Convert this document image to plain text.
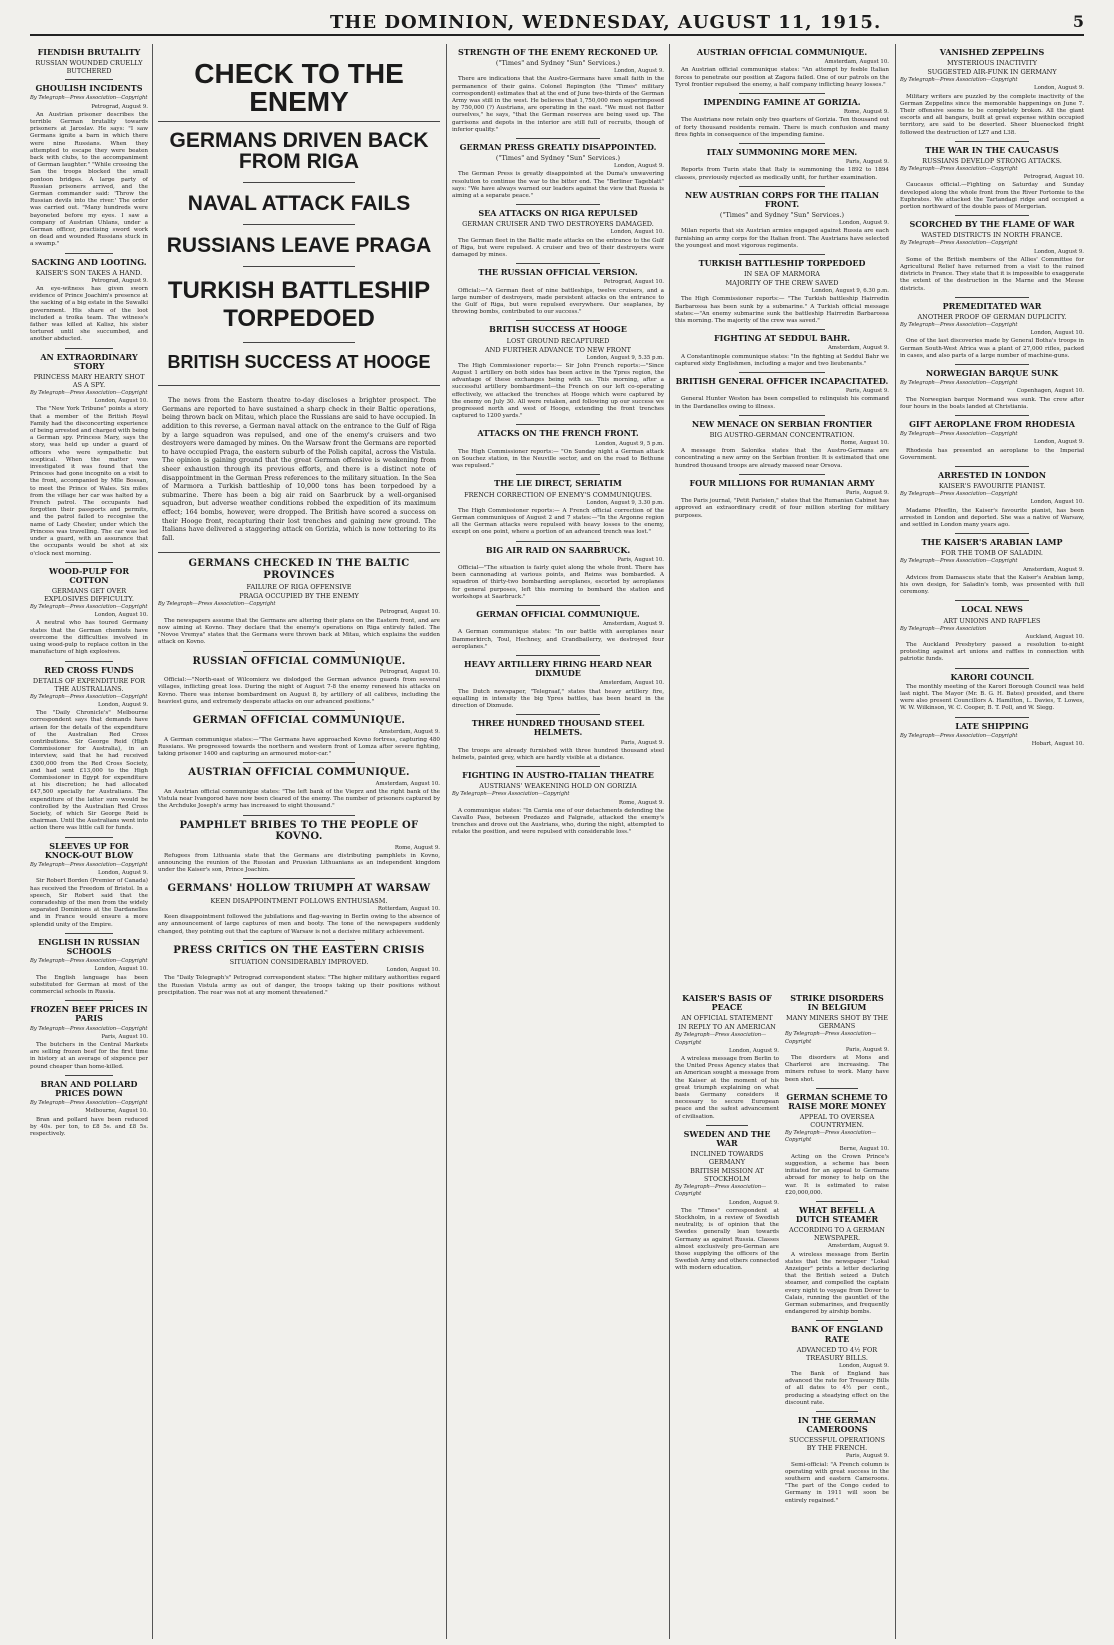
THE DOMINION, WEDNESDAY, AUGUST 11, 1915.	5
FIENDISH BRUTALITY
RUSSIAN WOUNDED CRUELLY BUTCHERED
GHOULISH INCIDENTS
By Telegraph—Press Association—Copyright
Petrograd, August 9.

An Austrian prisoner describes the terrible German brutality towards prisoners at Jaroslav. He says: "I saw Germans ignite a barn in which there were nine Russians. When they attempted to escape they were beaten back with clubs, to the accompaniment of German laughter." "While crossing the San the troops blocked the small pontoon bridges. A large party of Russian prisoners arrived, and the German commander said: 'Throw the Russian devils into the river.' The order was carried out. "Many hundreds were bayoneted before my eyes. I saw a company of Austrian Uhlans, under a German officer, practising sword work on dead and wounded Russians stuck in a swamp."

SACKING AND LOOTING.
KAISER'S SON TAKES A HAND.
Petrograd, August 9.

An eye-witness has given sworn evidence of Prince Joachim's presence at the sacking of a big estate in the Suwalki government. His share of the loot included a troika team. The witness's father was killed at Kalisz, his sister tortured until she succumbed, and another abducted.

AN EXTRAORDINARY STORY
PRINCESS MARY HEARTY SHOT AS A SPY.
By Telegraph—Press Association—Copyright
London, August 10.

The "New York Tribune" points a story that a member of the British Royal Family had the disconcerting experience of being arrested and charged with being a German spy. Princess Mary, says the story, was held up under a guard of officers who were sympathetic but sceptical. When the matter was investigated it was found that the Princess had gone incognito on a visit to the front, accompanied by Mlle Bossan, to meet the Prince of Wales. Six miles from the village her car was halted by a French patrol. The occupants had forgotten their passports and permits, and the patrol failed to recognise the name of Lady Chester, under which the Princess was travelling. The car was led under a guard, with an assurance that the occupants would be shot at six o'clock next morning.

WOOD-PULP FOR COTTON
GERMANS GET OVER EXPLOSIVES DIFFICULTY.
By Telegraph—Press Association—Copyright
London, August 10.

A neutral who has toured Germany states that the German chemists have overcome the difficulties involved in using wood-pulp to replace cotton in the manufacture of high explosives.

RED CROSS FUNDS
DETAILS OF EXPENDITURE FOR THE AUSTRALIANS.
By Telegraph—Press Association—Copyright
London, August 9.

The "Daily Chronicle's" Melbourne correspondent says that demands have arisen for the details of the expenditure of the Australian Red Cross contributions. Sir George Reid (High Commissioner for Australia), in an interview, said that he had received £300,000 from the Red Cross Society, and had sent £13,000 to the High Commissioner in Egypt for expenditure at his discretion; he had allocated £47,500 specially for Australians. The expenditure of the latter sum would be controlled by the Australian Red Cross Society, of which Sir George Reid is chairman. Until the Australians went into action there was little call for funds.

SLEEVES UP FOR KNOCK-OUT BLOW
By Telegraph—Press Association—Copyright
London, August 9.

Sir Robert Borden (Premier of Canada) has received the Freedom of Bristol. In a speech, Sir Robert said that the comradeship of the men from the widely separated Dominions at the Dardanelles and in France would ensure a more splendid unity of the Empire.

ENGLISH IN RUSSIAN SCHOOLS
By Telegraph—Press Association—Copyright
London, August 10.

The English language has been substituted for German at most of the commercial schools in Russia.

FROZEN BEEF PRICES IN PARIS
By Telegraph—Press Association—Copyright
Paris, August 10.

The butchers in the Central Markets are selling frozen beef for the first time in history at an average of sixpence per pound cheaper than home-killed.

BRAN AND POLLARD PRICES DOWN
By Telegraph—Press Association—Copyright
Melbourne, August 10.

Bran and pollard have been reduced by 40s. per ton, to £8 5s. and £8 5s. respectively.

CHECK TO THE ENEMY
GERMANS DRIVEN BACK FROM RIGA
NAVAL ATTACK FAILS
RUSSIANS LEAVE PRAGA
TURKISH BATTLESHIP TORPEDOED
BRITISH SUCCESS AT HOOGE

The news from the Eastern theatre to-day discloses a brighter prospect. The Germans are reported to have sustained a sharp check in their Baltic operations, being thrown back on Mitau, which place the Russians are said to have occupied. In addition to this reverse, a German naval attack on the entrance to the Gulf of Riga by a large squadron was repulsed, and one of the enemy's cruisers and two destroyers were damaged by mines. On the Warsaw front the Germans are reported to have occupied Praga, the eastern suburb of the Polish capital, across the Vistula. The opinion is gaining ground that the great German offensive is weakening from sheer exhaustion through its previous efforts, and there is a distinct note of disappointment in the German Press references to the military situation. In the Sea of Marmora a Turkish battleship of 10,000 tons has been torpedoed by a submarine. There has been a big air raid on Saarbruck by a well-organised squadron, but adverse weather conditions robbed the expedition of its maximum effect; 164 bombs, however, were dropped. The British have scored a success on their Hooge front, recapturing their lost trenches and gaining new ground. The Italians have delivered a staggering attack on Gorizia, which is now tottering to its fall.

GERMANS CHECKED IN THE BALTIC PROVINCES
FAILURE OF RIGA OFFENSIVE
PRAGA OCCUPIED BY THE ENEMY
By Telegraph—Press Association—Copyright
Petrograd, August 10.

The newspapers assume that the Germans are altering their plans on the Eastern front, and are now aiming at Kovno. They declare that the enemy's operations on Riga entirely failed. The "Novoe Vremya" states that the Germans were thrown back at Mitau, which explains the sudden attack on Kovno.

RUSSIAN OFFICIAL COMMUNIQUE.
Petrograd, August 10.

Official:—"North-east of Wilcomierz we dislodged the German advance guards from several villages, inflicting great loss. During the night of August 7-8 the enemy renewed his attacks on Kovno. There was intense bombardment on August 8, by artillery of all calibres, including the heaviest guns, and extremely desperate attacks on our advanced positions."

GERMAN OFFICIAL COMMUNIQUE.
Amsterdam, August 9.

A German communique states:—"The Germans have approached Kovno fortress, capturing 480 Russians. We progressed towards the northern and western front of Lomza after severe fighting, taking prisoner 1400 and capturing an armoured motor-car."

AUSTRIAN OFFICIAL COMMUNIQUE.
Amsterdam, August 10.

An Austrian official communique states: "The left bank of the Vieprz and the right bank of the Vistula near Ivangorod have now been cleared of the enemy. The number of prisoners captured by the Archduke Joseph's army has increased to eight thousand."

PAMPHLET BRIBES TO THE PEOPLE OF KOVNO.
Rome, August 9.

Refugees from Lithuania state that the Germans are distributing pamphlets in Kovno, announcing the reunion of the Russian and Prussian Lithuanians as an independent kingdom under the Kaiser's son, Prince Joachim.

GERMANS' HOLLOW TRIUMPH AT WARSAW
KEEN DISAPPOINTMENT FOLLOWS ENTHUSIASM.
Rotterdam, August 10.

Keen disappointment followed the jubilations and flag-waving in Berlin owing to the absence of any announcement of large captures of men and booty. The tone of the newspapers suddenly changed, they pointing out that the capture of Warsaw is not a decisive military achievement.

PRESS CRITICS ON THE EASTERN CRISIS
SITUATION CONSIDERABLY IMPROVED.
London, August 10.

The "Daily Telegraph's" Petrograd correspondent states: "The higher military authorities regard the Russian Vistula army as out of danger, the troops taking up their positions without precipitation. The rear was not at any moment threatened."

STRENGTH OF THE ENEMY RECKONED UP.
("Times" and Sydney "Sun" Services.)
London, August 9.

There are indications that the Austro-Germans have small faith in the permanence of their gains. Colonel Repington (the "Times" military correspondent) estimates that at the end of June two-thirds of the German Army was still in the west. He believes that 1,750,000 men superimposed by 750,000 (?) Austrians, are operating in the east. "We must not flatter ourselves," he says, "that the German reserves are being used up. The garrisons and depots in the interior are still full of recruits, though of inferior quality."

GERMAN PRESS GREATLY DISAPPOINTED.
("Times" and Sydney "Sun" Services.)
London, August 9.

The German Press is greatly disappointed at the Duma's unwavering resolution to continue the war to the bitter end. The "Berliner Tageblatt" says: "We have always warned our leaders against the view that Russia is aiming at a separate peace."

SEA ATTACKS ON RIGA REPULSED
GERMAN CRUISER AND TWO DESTROYERS DAMAGED.
London, August 10.

The German fleet in the Baltic made attacks on the entrance to the Gulf of Riga, but were repulsed. A cruiser and two of their destroyers were damaged by mines.

THE RUSSIAN OFFICIAL VERSION.
Petrograd, August 10.

Official:—"A German fleet of nine battleships, twelve cruisers, and a large number of destroyers, made persistent attacks on the entrance to the Gulf of Riga, but were repulsed everywhere. Our seaplanes, by throwing bombs, contributed to our success."

BRITISH SUCCESS AT HOOGE
LOST GROUND RECAPTURED
AND FURTHER ADVANCE TO NEW FRONT
London, August 9, 5.35 p.m.

The High Commissioner reports:— Sir John French reports:—"Since August 1 artillery on both sides has been active in the Ypres region, the advantage of these exchanges being with us. This morning, after a successful artillery bombardment—the French on our left co-operating effectively, we attacked the trenches at Hooge which were captured by the enemy on July 30. All were retaken, and following up our success we progressed north and west of Hooge, extending the front trenches captured to 1200 yards."

ATTACKS ON THE FRENCH FRONT.
London, August 9, 5 p.m.

The High Commissioner reports:— "On Sunday night a German attack on Souchez station, in the Neuville sector, and on the road to Bethune was repulsed."

THE LIE DIRECT, SERIATIM
FRENCH CORRECTION OF ENEMY'S COMMUNIQUES.
London, August 9, 3.30 p.m.

The High Commissioner reports:— A French official correction of the German communiques of August 2 and 7 states:—"In the Argonne region all the German attacks were repulsed with heavy losses to the enemy, except on one point, where a portion of an advanced trench was lost."

BIG AIR RAID ON SAARBRUCK.
Paris, August 10.

Official—"The situation is fairly quiet along the whole front. There has been cannonading at various points, and Reims was bombarded. A squadron of thirty-two bombarding aeroplanes, escorted by aeroplanes for general purposes, left this morning to bombard the station and workshops at Saarbruck."

GERMAN OFFICIAL COMMUNIQUE.
Amsterdam, August 9.

A German communique states: "In our battle with aeroplanes near Dammerkirch, Toul, Hechney, and Crandbailerry, we destroyed four aeroplanes."

HEAVY ARTILLERY FIRING HEARD NEAR DIXMUDE
Amsterdam, August 10.

The Dutch newspaper, "Telegraaf," states that heavy artillery fire, equalling in intensity the big Ypres battles, has been heard in the direction of Dixmude.

THREE HUNDRED THOUSAND STEEL HELMETS.
Paris, August 9.

The troops are already furnished with three hundred thousand steel helmets, painted grey, which are hardly visible at a distance.

FIGHTING IN AUSTRO-ITALIAN THEATRE
AUSTRIANS' WEAKENING HOLD ON GORIZIA
By Telegraph—Press Association—Copyright
Rome, August 9.

A communique states: "In Carnia one of our detachments defending the Cavallo Pass, between Predazzo and Falgrade, attacked the enemy's trenches and drove out the Austrians, who, during the night, attempted to retake the position, and were repulsed with considerable loss."

AUSTRIAN OFFICIAL COMMUNIQUE.
Amsterdam, August 10.

An Austrian official communique states: "An attempt by feeble Italian forces to penetrate our position at Zagora failed. One of our patrols on the Tyrol frontier repulsed the enemy, a half company inflicting heavy losses."

IMPENDING FAMINE AT GORIZIA.
Rome, August 9.

The Austrians now retain only two quarters of Gorizia. Ten thousand out of forty thousand residents remain. There is much confusion and many fires fights in consequence of the impending famine.

ITALY SUMMONING MORE MEN.
Paris, August 9.

Reports from Turin state that Italy is summoning the 1892 to 1894 classes, previously rejected as medically unfit, for further examination.

NEW AUSTRIAN CORPS FOR THE ITALIAN FRONT.
("Times" and Sydney "Sun" Services.)
London, August 9.

Milan reports that six Austrian armies engaged against Russia are each furnishing an army corps for the Italian front. The Austrians have selected the youngest and most vigorous regiments.

TURKISH BATTLESHIP TORPEDOED
IN SEA OF MARMORA
MAJORITY OF THE CREW SAVED
London, August 9, 6.30 p.m.

The High Commissioner reports:— "The Turkish battleship Hairredin Barbarossa has been sunk by a submarine." A Turkish official message states:—"An enemy submarine sunk the battleship Hairredin Barbarossa this morning. The majority of the crew was saved."

FIGHTING AT SEDDUL BAHR.
Amsterdam, August 9.

A Constantinople communique states: "In the fighting at Seddul Bahr we captured sixty Englishmen, including a major and two lieutenants."

BRITISH GENERAL OFFICER INCAPACITATED.
Paris, August 9.

General Hunter Weston has been compelled to relinquish his command in the Dardanelles owing to illness.

NEW MENACE ON SERBIAN FRONTIER
BIG AUSTRO-GERMAN CONCENTRATION.
Rome, August 10.

A message from Salonika states that the Austro-Germans are concentrating a new army on the Serbian frontier. It is estimated that one hundred thousand troops are already massed near Orsova.

FOUR MILLIONS FOR RUMANIAN ARMY
Paris, August 9.

The Paris journal, "Petit Parisien," states that the Rumanian Cabinet has approved an extraordinary credit of four million sterling for military purposes.

KAISER'S BASIS OF PEACE
AN OFFICIAL STATEMENT
IN REPLY TO AN AMERICAN
By Telegraph—Press Association—Copyright
London, August 9.

A wireless message from Berlin to the United Press Agency states that an American sought a message from the Kaiser at the moment of his great triumph explaining on what basis Germany considers it necessary to secure European peace and the safest advancement of civilisation.

SWEDEN AND THE WAR
INCLINED TOWARDS GERMANY
BRITISH MISSION AT STOCKHOLM
By Telegraph—Press Association—Copyright
London, August 9.

The "Times" correspondent at Stockholm, in a review of Swedish neutrality, is of opinion that the Swedes generally lean towards Germany as against Russia. Classes almost exclusively pro-German are those supplying the officers of the Swedish Army and others connected with modern education.

STRIKE DISORDERS IN BELGIUM
MANY MINERS SHOT BY THE GERMANS
By Telegraph—Press Association—Copyright
Paris, August 9.

The disorders at Mons and Charleroi are increasing. The miners refuse to work. Many have been shot.

GERMAN SCHEME TO RAISE MORE MONEY
APPEAL TO OVERSEA COUNTRYMEN.
By Telegraph—Press Association—Copyright
Berne, August 10.

Acting on the Crown Prince's suggestion, a scheme has been initiated for an appeal to Germans abroad for money to help on the war. It is estimated to raise £20,000,000.

WHAT BEFELL A DUTCH STEAMER
ACCORDING TO A GERMAN NEWSPAPER.
Amsterdam, August 9.

A wireless message from Berlin states that the newspaper "Lokal Anzeiger" prints a letter declaring that the British seized a Dutch steamer, and compelled the captain every night to voyage from Dover to Calais, running the gauntlet of the German submarines, and frequently endangered by airship bombs.

BANK OF ENGLAND RATE
ADVANCED TO 4½ FOR TREASURY BILLS.
London, August 9.

The Bank of England has advanced the rate for Treasury Bills of all dates to 4½ per cent., producing a steadying effect on the discount rate.

IN THE GERMAN CAMEROONS
SUCCESSFUL OPERATIONS BY THE FRENCH.
Paris, August 9.

Semi-official: "A French column is operating with great success in the southern and eastern Cameroons. "The part of the Congo ceded to Germany in 1911 will soon be entirely regained."

VANISHED ZEPPELINS
MYSTERIOUS INACTIVITY
SUGGESTED AIR-FUNK IN GERMANY
By Telegraph—Press Association—Copyright
London, August 9.

Military writers are puzzled by the complete inactivity of the German Zeppelins since the memorable happenings on June 7. Their offensive seems to be completely broken. All the giant escorts and all bangars, built at great expense within occupied territory, are said to be deserted. Sheer bluenecked fright followed the destruction of LZ7 and L38.

THE WAR IN THE CAUCASUS
RUSSIANS DEVELOP STRONG ATTACKS.
By Telegraph—Press Association—Copyright
Petrograd, August 10.

Caucasus official.—Fighting on Saturday and Sunday developed along the whole front from the River Fortomie to the Euphrates. We attacked the Tartandagi ridge and occupied a portion northward of the double pass of Mergerian.

SCORCHED BY THE FLAME OF WAR
WASTED DISTRICTS IN NORTH FRANCE.
By Telegraph—Press Association—Copyright
London, August 9.

Some of the British members of the Allies' Committee for Agricultural Relief have returned from a visit to the ruined districts in France. They state that it is impossible to exaggerate the extent of the destruction in the Marne and the Meuse districts.

PREMEDITATED WAR
ANOTHER PROOF OF GERMAN DUPLICITY.
By Telegraph—Press Association—Copyright
London, August 10.

One of the last discoveries made by General Botha's troops in German South-West Africa was a plant of 27,000 rifles, packed in cases, and also parts of a large number of machine-guns.

NORWEGIAN BARQUE SUNK
By Telegraph—Press Association—Copyright
Copenhagen, August 10.

The Norwegian barque Normand was sunk. The crew after four hours in the boats landed at Christiania.

GIFT AEROPLANE FROM RHODESIA
By Telegraph—Press Association—Copyright
London, August 9.

Rhodesia has presented an aeroplane to the Imperial Government.

ARRESTED IN LONDON
KAISER'S FAVOURITE PIANIST.
By Telegraph—Press Association—Copyright
London, August 10.

Madame Pfeeflin, the Kaiser's favourite pianist, has been arrested in London and deported. She was a native of Warsaw, and settled in London many years ago.

THE KAISER'S ARABIAN LAMP
FOR THE TOMB OF SALADIN.
By Telegraph—Press Association—Copyright
Amsterdam, August 9.

Advices from Damascus state that the Kaiser's Arabian lamp, his own design, for Saladin's tomb, was presented with full ceremony.

LOCAL NEWS
ART UNIONS AND RAFFLES
By Telegraph—Press Association
Auckland, August 10.

The Auckland Presbytery passed a resolution to-night protesting against art unions and raffles in connection with patriotic funds.

KARORI COUNCIL

The monthly meeting of the Karori Borough Council was held last night. The Mayor (Mr. B. G. H. Bates) presided, and there were also present Councillors A. Hamilton, L. Davies, T. Lowes, W. W. Wilkinson, W. C. Cooper, B. T. Poll, and W. Siegg.

LATE SHIPPING
By Telegraph—Press Association—Copyright
Hobart, August 10.
